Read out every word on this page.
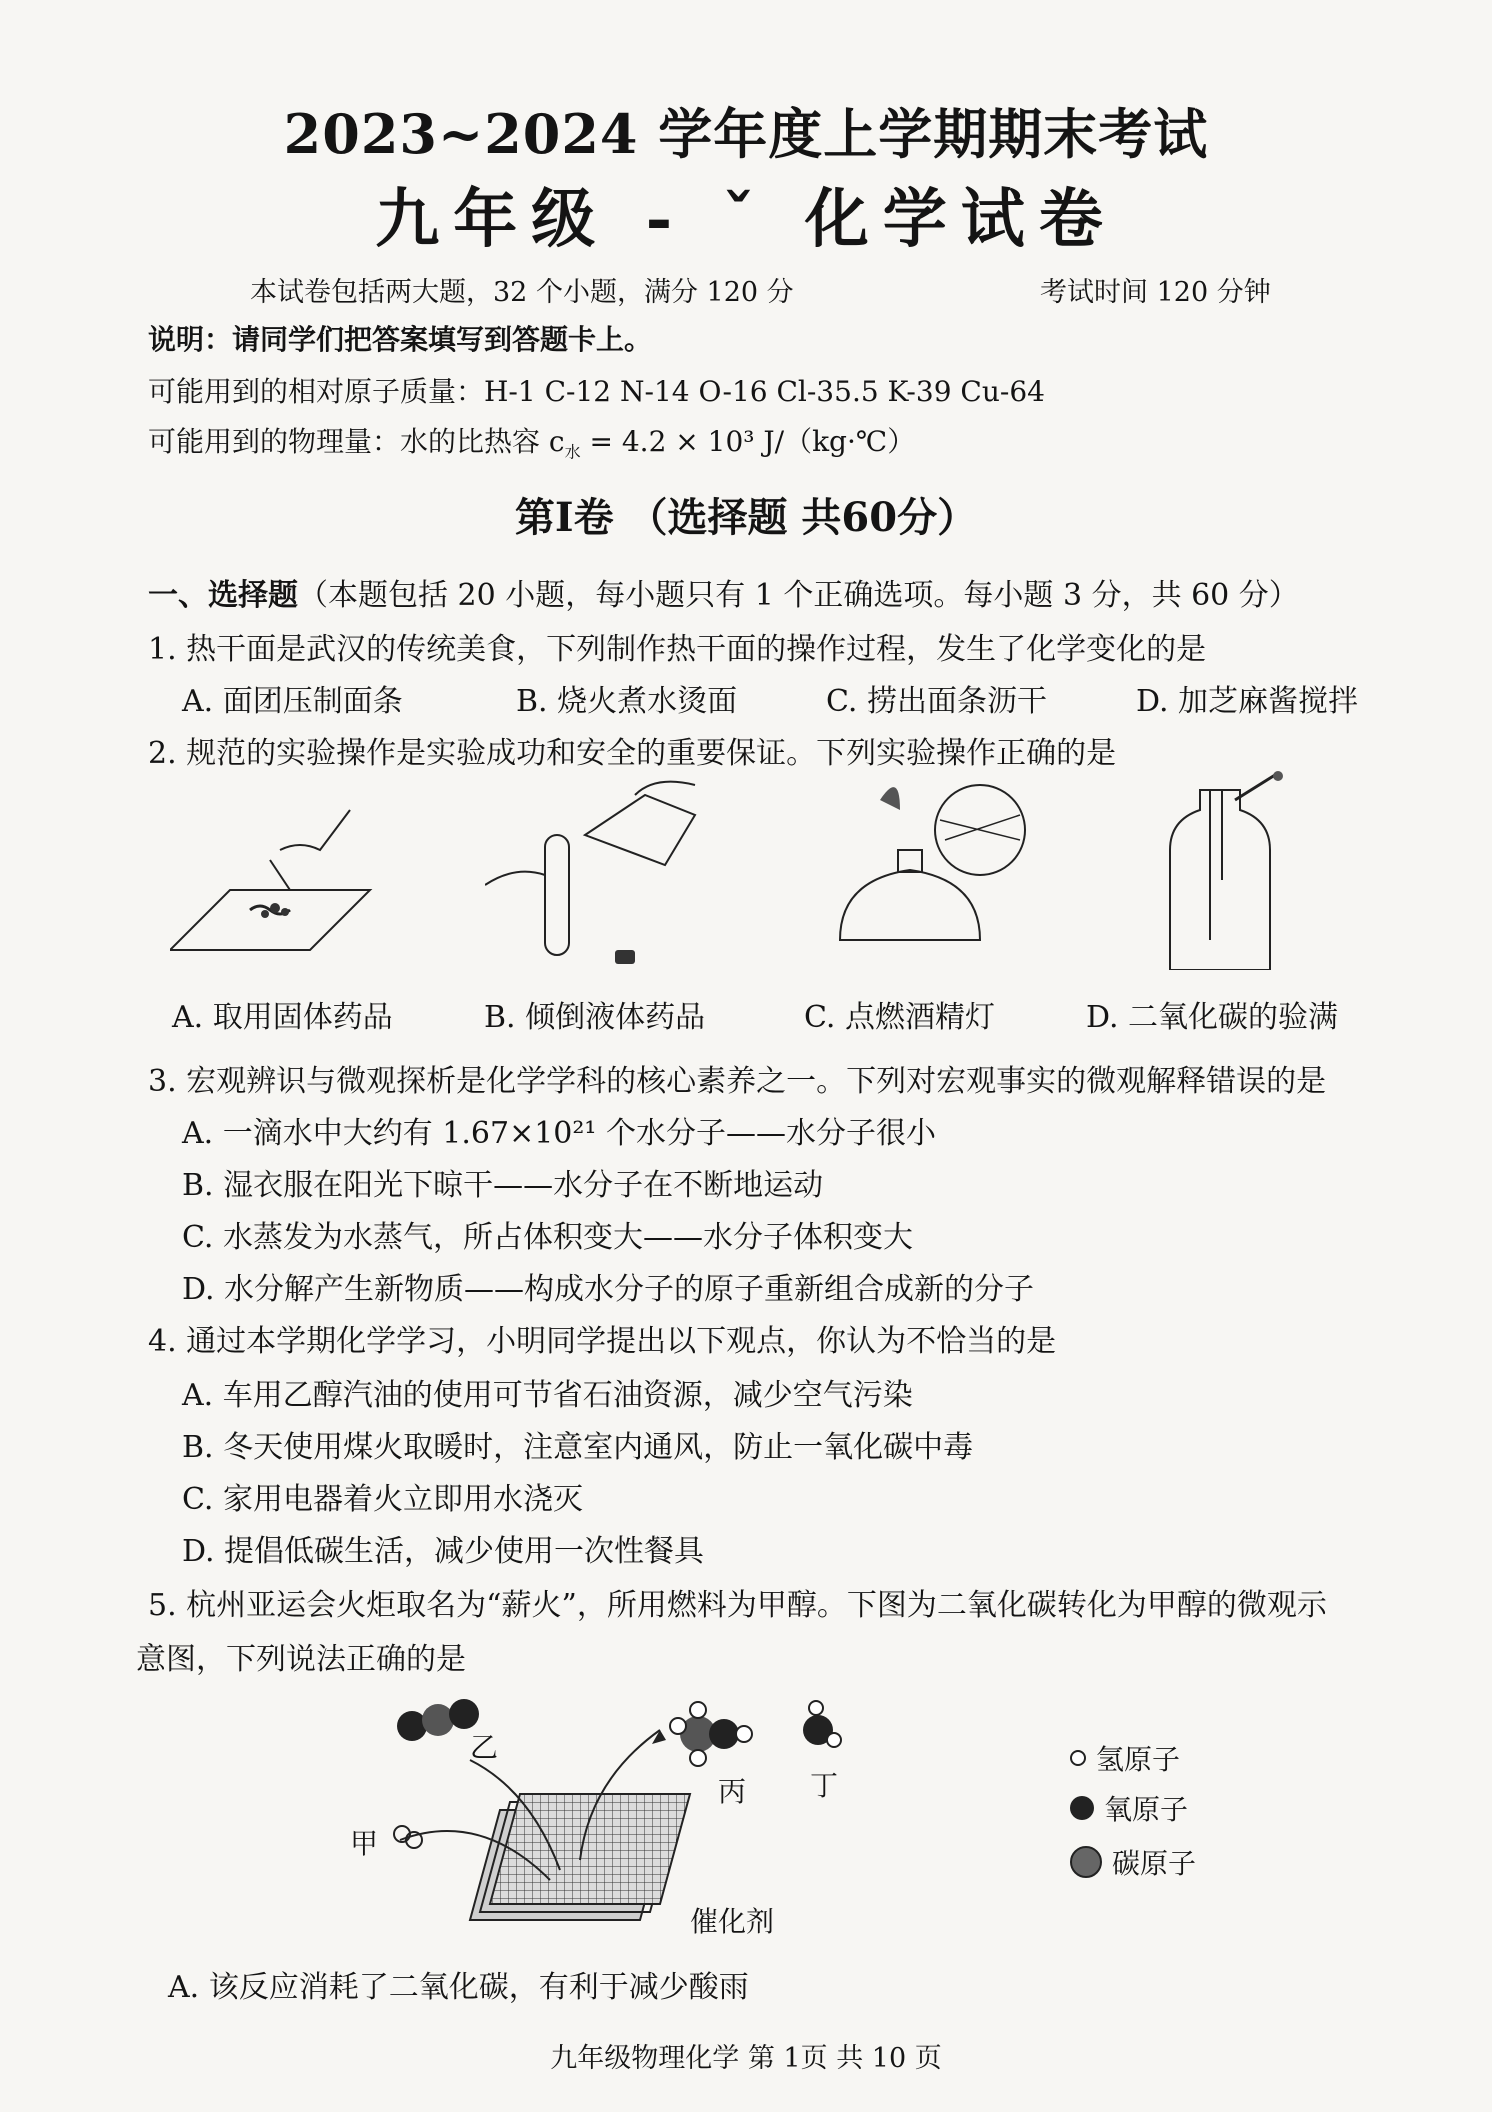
2023~2024 学年度上学期期末考试
九年级 ‑ ˇ 化学试卷
本试卷包括两大题，32 个小题，满分 120 分	考试时间 120 分钟
说明：请同学们把答案填写到答题卡上。
可能用到的相对原子质量：H-1 C-12 N-14 O-16 Cl-35.5 K-39 Cu-64
可能用到的物理量：水的比热容 $c_水 = 4.2 \times 10^3$ J/（kg·℃）
第Ⅰ卷 （选择题 共60分）
一、选择题（本题包括 20 小题，每小题只有 1 个正确选项。每小题 3 分，共 60 分）
1. 热干面是武汉的传统美食，下列制作热干面的操作过程，发生了化学变化的是
A. 面团压制面条	B. 烧火煮水烫面	C. 捞出面条沥干	D. 加芝麻酱搅拌
2. 规范的实验操作是实验成功和安全的重要保证。下列实验操作正确的是
A. 取用固体药品	B. 倾倒液体药品	C. 点燃酒精灯	D. 二氧化碳的验满
3. 宏观辨识与微观探析是化学学科的核心素养之一。下列对宏观事实的微观解释错误的是
A. 一滴水中大约有 1.67×10²¹ 个水分子——水分子很小
B. 湿衣服在阳光下晾干——水分子在不断地运动
C. 水蒸发为水蒸气，所占体积变大——水分子体积变大
D. 水分解产生新物质——构成水分子的原子重新组合成新的分子
4. 通过本学期化学学习，小明同学提出以下观点，你认为不恰当的是
A. 车用乙醇汽油的使用可节省石油资源，减少空气污染
B. 冬天使用煤火取暖时，注意室内通风，防止一氧化碳中毒
C. 家用电器着火立即用水浇灭
D. 提倡低碳生活，减少使用一次性餐具
5. 杭州亚运会火炬取名为“薪火”，所用燃料为甲醇。下图为二氧化碳转化为甲醇的微观示
意图，下列说法正确的是
乙
甲
丙 丁
催化剂
氢原子
氧原子
碳原子
A. 该反应消耗了二氧化碳，有利于减少酸雨
九年级物理化学 第 1页 共 10 页
